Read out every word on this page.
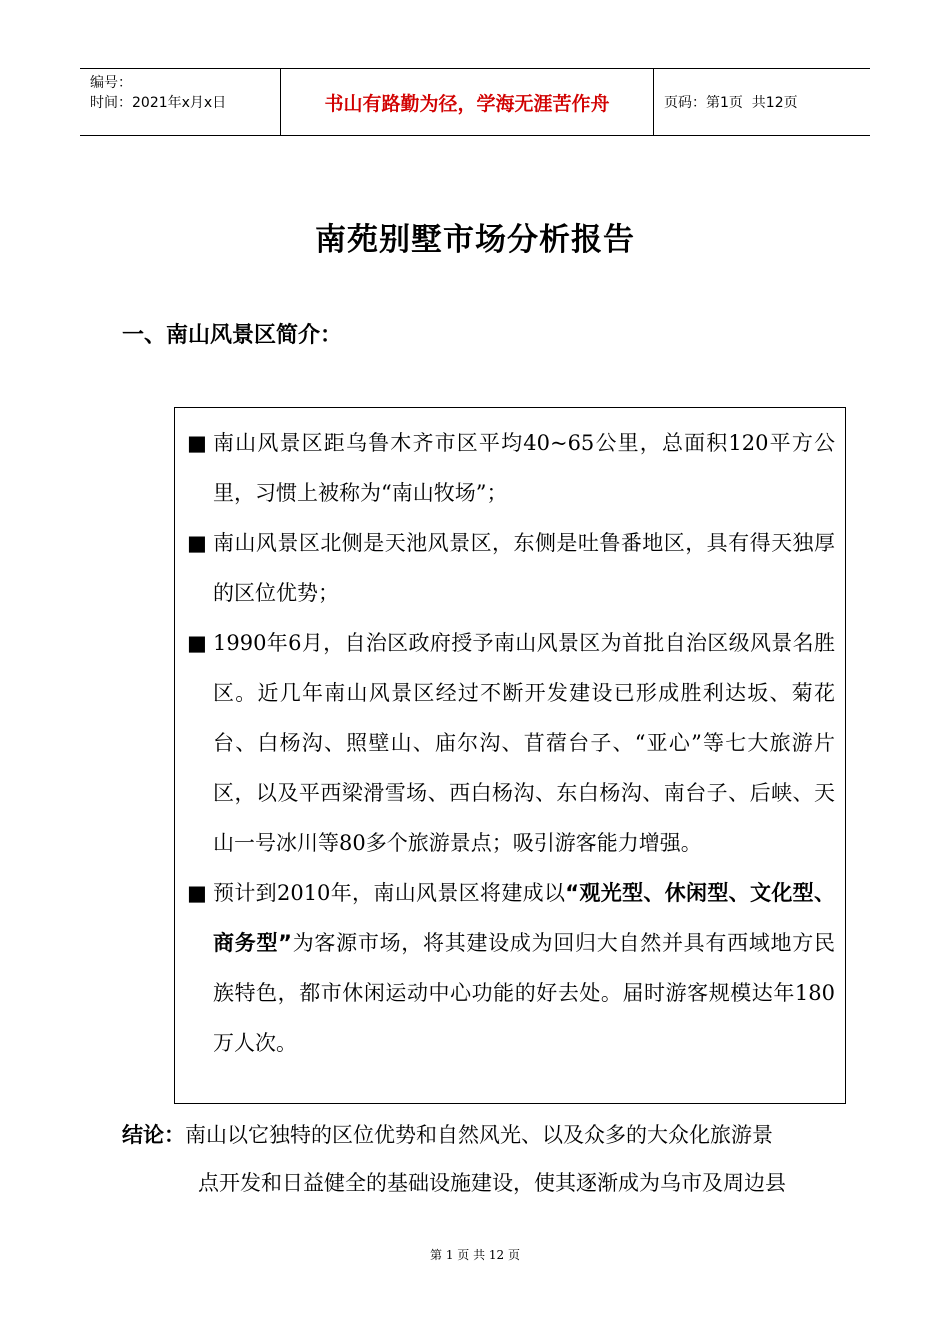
编号：
时间：2021年x月x日	书山有路勤为径，学海无涯苦作舟	页码：第1页  共12页
南苑别墅市场分析报告
一、南山风景区简介：
■ 南山风景区距乌鲁木齐市区平均40~65公里，总面积120平方公里，习惯上被称为“南山牧场”；
■ 南山风景区北侧是天池风景区，东侧是吐鲁番地区，具有得天独厚的区位优势；
■ 1990年6月，自治区政府授予南山风景区为首批自治区级风景名胜区。近几年南山风景区经过不断开发建设已形成胜利达坂、菊花台、白杨沟、照壁山、庙尔沟、苜蓿台子、“亚心”等七大旅游片区，以及平西梁滑雪场、西白杨沟、东白杨沟、南台子、后峡、天山一号冰川等80多个旅游景点；吸引游客能力增强。
■ 预计到2010年，南山风景区将建成以“观光型、休闲型、文化型、商务型”为客源市场，将其建设成为回归大自然并具有西域地方民族特色，都市休闲运动中心功能的好去处。届时游客规模达年180万人次。
结论：南山以它独特的区位优势和自然风光、以及众多的大众化旅游景
点开发和日益健全的基础设施建设，使其逐渐成为乌市及周边县
第 1 页 共 12 页
